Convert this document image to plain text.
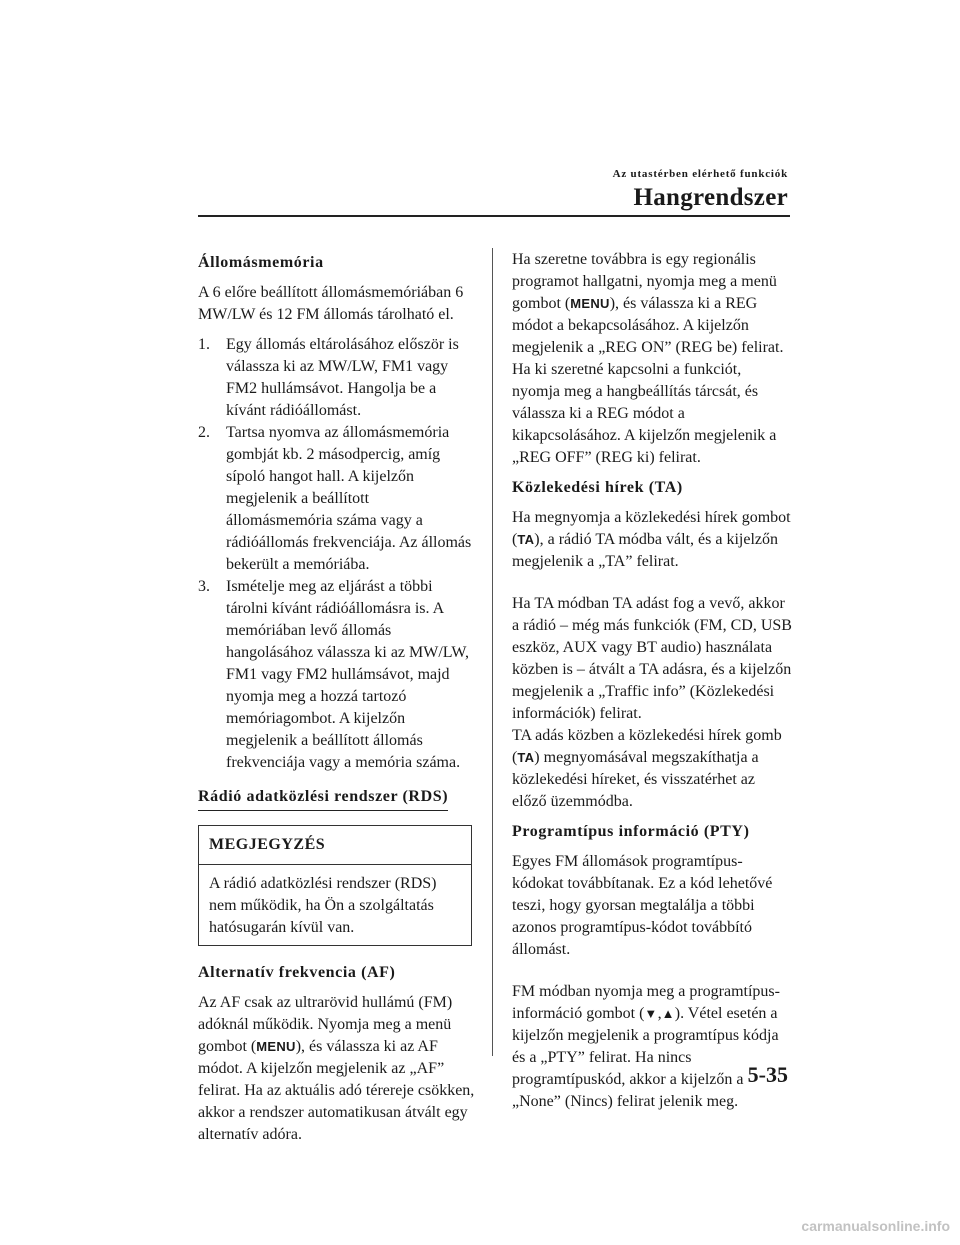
Az utastérben elérhető funkciók
Hangrendszer

Állomásmemória

A 6 előre beállított állomásmemóriában 6 MW/LW és 12 FM állomás tárolható el.

1. Egy állomás eltárolásához először is válassza ki az MW/LW, FM1 vagy FM2 hullámsávot. Hangolja be a kívánt rádióállomást.
2. Tartsa nyomva az állomásmemória gombját kb. 2 másodpercig, amíg sípoló hangot hall. A kijelzőn megjelenik a beállított állomásmemória száma vagy a rádióállomás frekvenciája. Az állomás bekerült a memóriába.
3. Ismételje meg az eljárást a többi tárolni kívánt rádióállomásra is. A memóriában levő állomás hangolásához válassza ki az MW/LW, FM1 vagy FM2 hullámsávot, majd nyomja meg a hozzá tartozó memóriagombot. A kijelzőn megjelenik a beállított állomás frekvenciája vagy a memória száma.
Rádió adatközlési rendszer (RDS)
MEGJEGYZÉS
A rádió adatközlési rendszer (RDS) nem működik, ha Ön a szolgáltatás hatósugarán kívül van.

Alternatív frekvencia (AF)

Az AF csak az ultrarövid hullámú (FM) adóknál működik. Nyomja meg a menü gombot (MENU), és válassza ki az AF módot. A kijelzőn megjelenik az „AF” felirat. Ha az aktuális adó térereje csökken, akkor a rendszer automatikusan átvált egy alternatív adóra.

Ha szeretne továbbra is egy regionális programot hallgatni, nyomja meg a menü gombot (MENU), és válassza ki a REG módot a bekapcsolásához. A kijelzőn megjelenik a „REG ON” (REG be) felirat. Ha ki szeretné kapcsolni a funkciót, nyomja meg a hangbeállítás tárcsát, és válassza ki a REG módot a kikapcsolásához. A kijelzőn megjelenik a „REG OFF” (REG ki) felirat.

Közlekedési hírek (TA)

Ha megnyomja a közlekedési hírek gombot (TA), a rádió TA módba vált, és a kijelzőn megjelenik a „TA” felirat.

Ha TA módban TA adást fog a vevő, akkor a rádió – még más funkciók (FM, CD, USB eszköz, AUX vagy BT audio) használata közben is – átvált a TA adásra, és a kijelzőn megjelenik a „Traffic info” (Közlekedési információk) felirat.

TA adás közben a közlekedési hírek gomb (TA) megnyomásával megszakíthatja a közlekedési híreket, és visszatérhet az előző üzemmódba.

Programtípus információ (PTY)

Egyes FM állomások programtípus-kódokat továbbítanak. Ez a kód lehetővé teszi, hogy gyorsan megtalálja a többi azonos programtípus-kódot továbbító állomást.

FM módban nyomja meg a programtípus-információ gombot (▼,▲). Vétel esetén a kijelzőn megjelenik a programtípus kódja és a „PTY” felirat. Ha nincs programtípuskód, akkor a kijelzőn a „None” (Nincs) felirat jelenik meg.

5-35
carmanualsonline.info
